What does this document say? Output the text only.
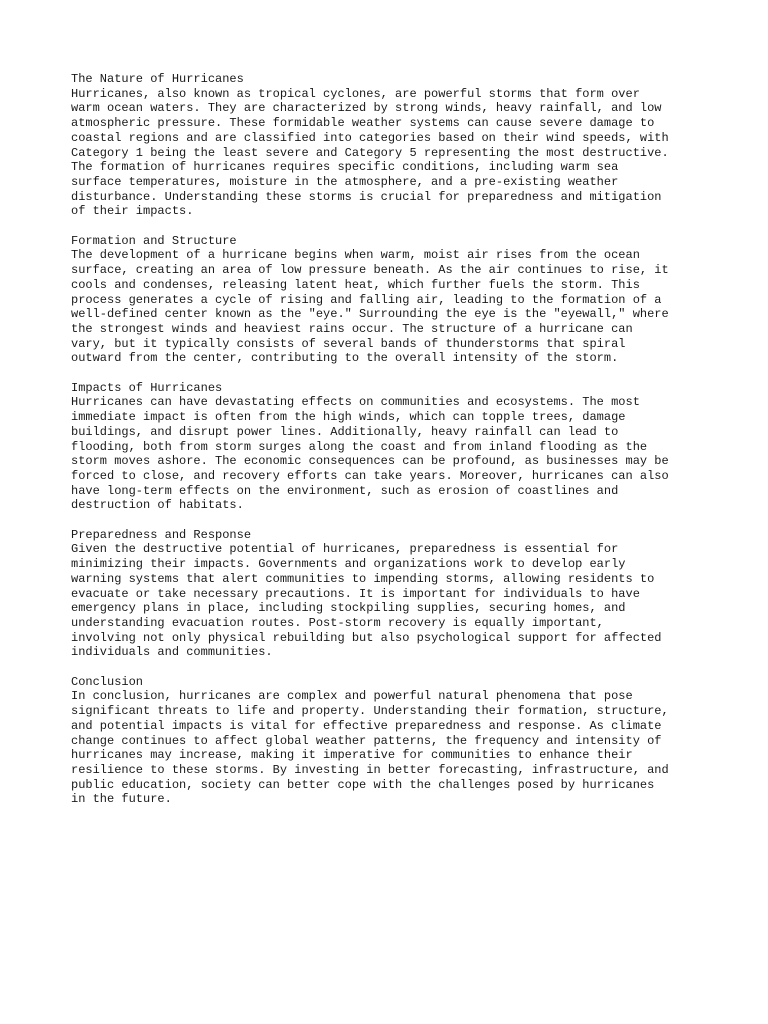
The Nature of Hurricanes
Hurricanes, also known as tropical cyclones, are powerful storms that form over
warm ocean waters. They are characterized by strong winds, heavy rainfall, and low
atmospheric pressure. These formidable weather systems can cause severe damage to
coastal regions and are classified into categories based on their wind speeds, with
Category 1 being the least severe and Category 5 representing the most destructive.
The formation of hurricanes requires specific conditions, including warm sea
surface temperatures, moisture in the atmosphere, and a pre-existing weather
disturbance. Understanding these storms is crucial for preparedness and mitigation
of their impacts.
Formation and Structure
The development of a hurricane begins when warm, moist air rises from the ocean
surface, creating an area of low pressure beneath. As the air continues to rise, it
cools and condenses, releasing latent heat, which further fuels the storm. This
process generates a cycle of rising and falling air, leading to the formation of a
well-defined center known as the "eye." Surrounding the eye is the "eyewall," where
the strongest winds and heaviest rains occur. The structure of a hurricane can
vary, but it typically consists of several bands of thunderstorms that spiral
outward from the center, contributing to the overall intensity of the storm.
Impacts of Hurricanes
Hurricanes can have devastating effects on communities and ecosystems. The most
immediate impact is often from the high winds, which can topple trees, damage
buildings, and disrupt power lines. Additionally, heavy rainfall can lead to
flooding, both from storm surges along the coast and from inland flooding as the
storm moves ashore. The economic consequences can be profound, as businesses may be
forced to close, and recovery efforts can take years. Moreover, hurricanes can also
have long-term effects on the environment, such as erosion of coastlines and
destruction of habitats.
Preparedness and Response
Given the destructive potential of hurricanes, preparedness is essential for
minimizing their impacts. Governments and organizations work to develop early
warning systems that alert communities to impending storms, allowing residents to
evacuate or take necessary precautions. It is important for individuals to have
emergency plans in place, including stockpiling supplies, securing homes, and
understanding evacuation routes. Post-storm recovery is equally important,
involving not only physical rebuilding but also psychological support for affected
individuals and communities.
Conclusion
In conclusion, hurricanes are complex and powerful natural phenomena that pose
significant threats to life and property. Understanding their formation, structure,
and potential impacts is vital for effective preparedness and response. As climate
change continues to affect global weather patterns, the frequency and intensity of
hurricanes may increase, making it imperative for communities to enhance their
resilience to these storms. By investing in better forecasting, infrastructure, and
public education, society can better cope with the challenges posed by hurricanes
in the future.
